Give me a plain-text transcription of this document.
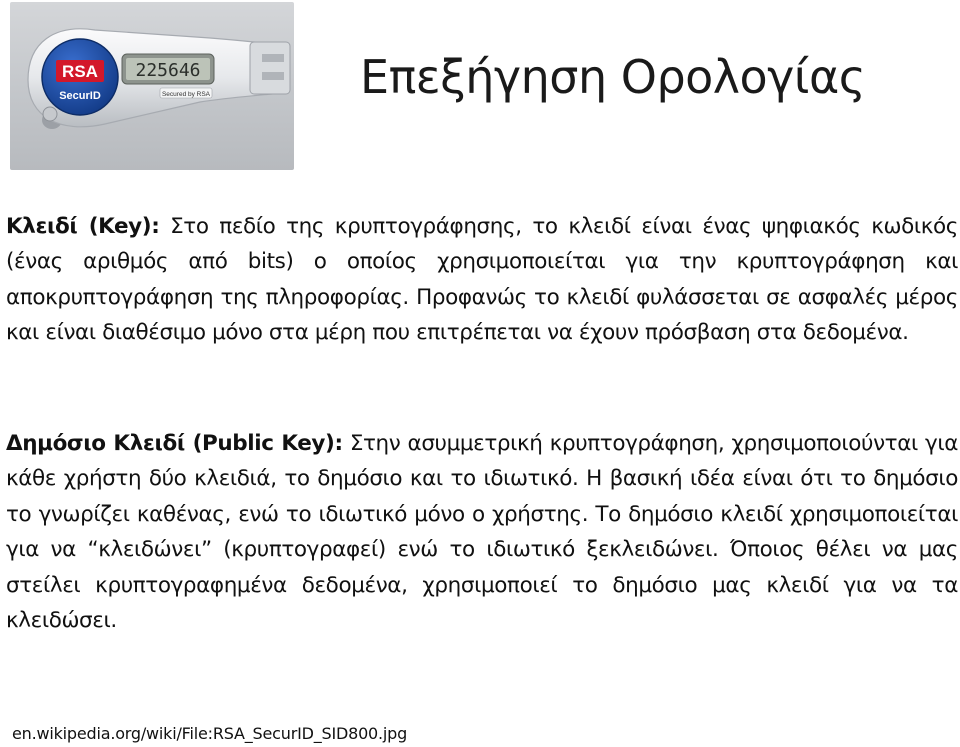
RSA
SecurID
225646
Secured by RSA	Επεξήγηση Ορολογίας
Κλειδί (Key): Στο πεδίο της κρυπτογράφησης, το κλειδί είναι ένας ψηφιακός κωδικός (ένας αριθμός από bits) ο οποίος χρησιμοποιείται για την κρυπτογράφηση και αποκρυπτογράφηση της πληροφορίας. Προφανώς το κλειδί φυλάσσεται σε ασφαλές μέρος και είναι διαθέσιμο μόνο στα μέρη που επιτρέπεται να έχουν πρόσβαση στα δεδομένα.
Δημόσιο Κλειδί (Public Key): Στην ασυμμετρική κρυπτογράφηση, χρησιμοποιούνται για κάθε χρήστη δύο κλειδιά, το δημόσιο και το ιδιωτικό. Η βασική ιδέα είναι ότι το δημόσιο το γνωρίζει καθένας, ενώ το ιδιωτικό μόνο ο χρήστης. Το δημόσιο κλειδί χρησιμοποιείται για να “κλειδώνει” (κρυπτογραφεί) ενώ το ιδιωτικό ξεκλειδώνει. Όποιος θέλει να μας στείλει κρυπτογραφημένα δεδομένα, χρησιμοποιεί το δημόσιο μας κλειδί για να τα κλειδώσει.
en.wikipedia.org/wiki/File:RSA_SecurID_SID800.jpg
